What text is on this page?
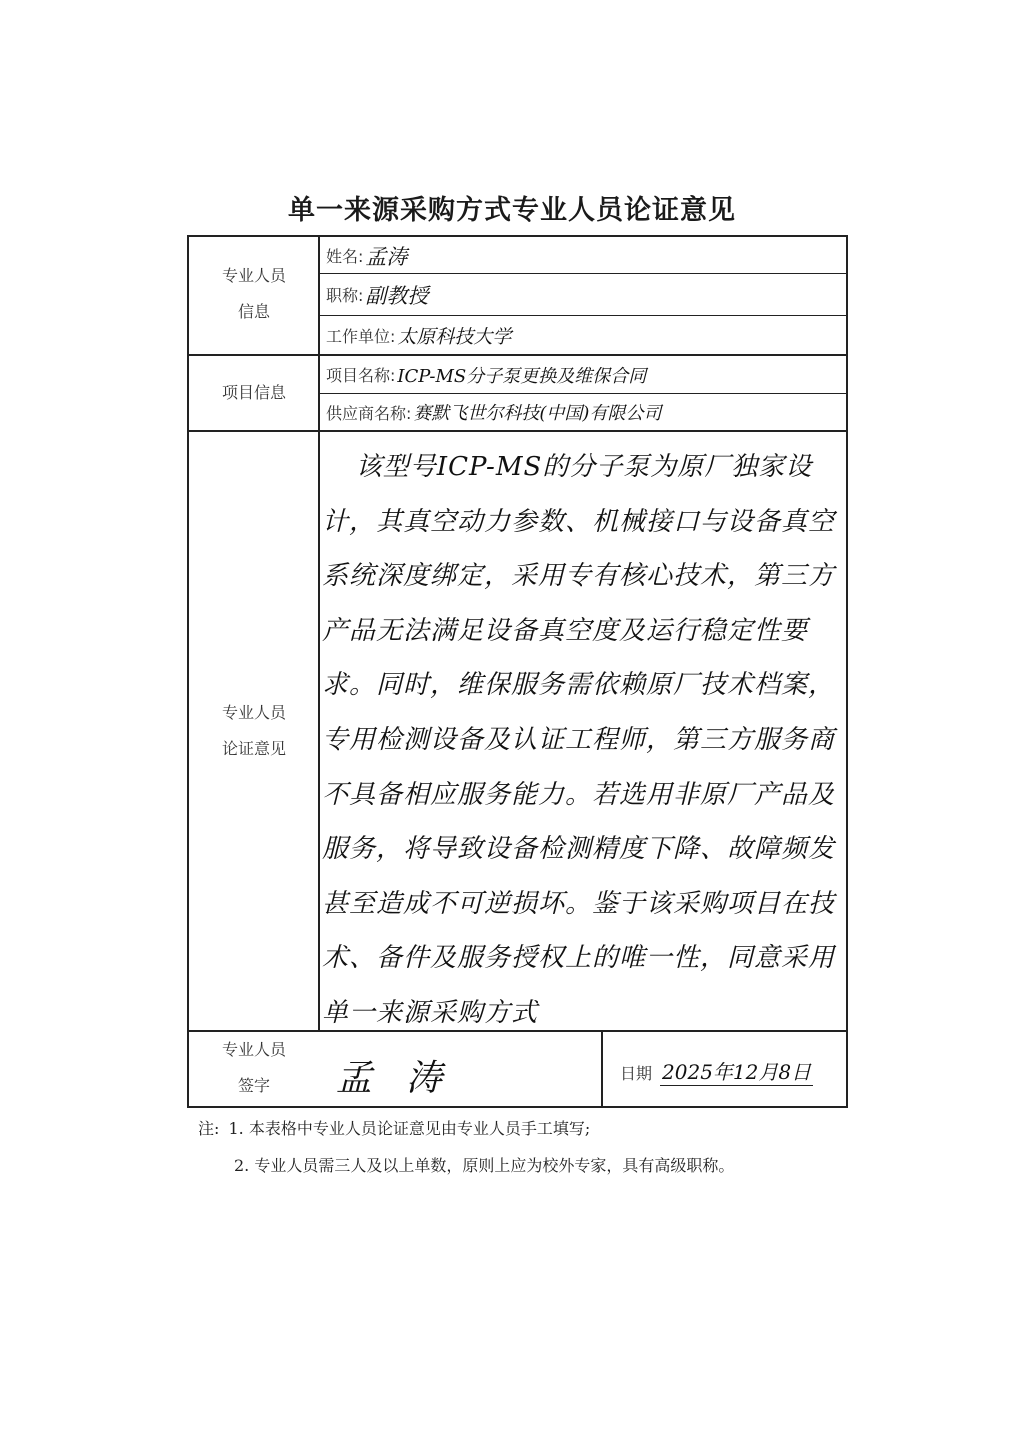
单一来源采购方式专业人员论证意见
专业人员
信息
项目信息
专业人员
论证意见
专业人员
签字
姓名: 孟涛
职称: 副教授
工作单位: 太原科技大学
项目名称: ICP-MS分子泵更换及维保合同
供应商名称: 赛默飞世尔科技(中国)有限公司
该型号ICP-MS的分子泵为原厂独家设计，其真空动力参数、机械接口与设备真空系统深度绑定，采用专有核心技术，第三方产品无法满足设备真空度及运行稳定性要求。同时，维保服务需依赖原厂技术档案，专用检测设备及认证工程师，第三方服务商不具备相应服务能力。若选用非原厂产品及服务，将导致设备检测精度下降、故障频发甚至造成不可逆损坏。鉴于该采购项目在技术、备件及服务授权上的唯一性，同意采用单一来源采购方式
孟涛	日期 2025年12月8日
注: 1. 本表格中专业人员论证意见由专业人员手工填写;
2. 专业人员需三人及以上单数，原则上应为校外专家，具有高级职称。
